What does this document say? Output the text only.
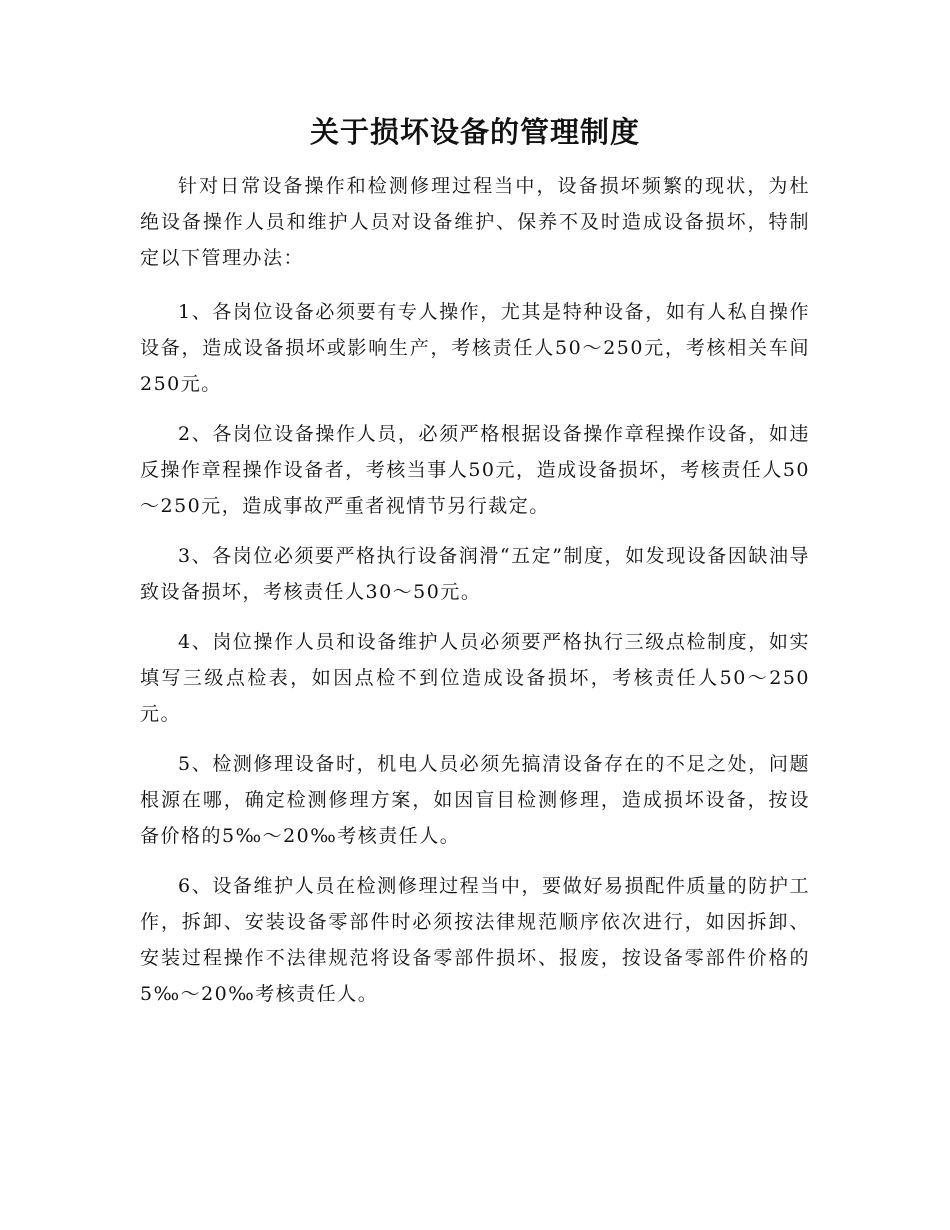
关于损坏设备的管理制度

针对日常设备操作和检测修理过程当中，设备损坏频繁的现状，为杜绝设备操作人员和维护人员对设备维护、保养不及时造成设备损坏，特制定以下管理办法：

1、各岗位设备必须要有专人操作，尤其是特种设备，如有人私自操作设备，造成设备损坏或影响生产，考核责任人50～250元，考核相关车间250元。

2、各岗位设备操作人员，必须严格根据设备操作章程操作设备，如违反操作章程操作设备者，考核当事人50元，造成设备损坏，考核责任人50～250元，造成事故严重者视情节另行裁定。

3、各岗位必须要严格执行设备润滑“五定”制度，如发现设备因缺油导致设备损坏，考核责任人30～50元。

4、岗位操作人员和设备维护人员必须要严格执行三级点检制度，如实填写三级点检表，如因点检不到位造成设备损坏，考核责任人50～250元。

5、检测修理设备时，机电人员必须先搞清设备存在的不足之处，问题根源在哪，确定检测修理方案，如因盲目检测修理，造成损坏设备，按设备价格的5‰～20‰考核责任人。

6、设备维护人员在检测修理过程当中，要做好易损配件质量的防护工作，拆卸、安装设备零部件时必须按法律规范顺序依次进行，如因拆卸、安装过程操作不法律规范将设备零部件损坏、报废，按设备零部件价格的5‰～20‰考核责任人。
